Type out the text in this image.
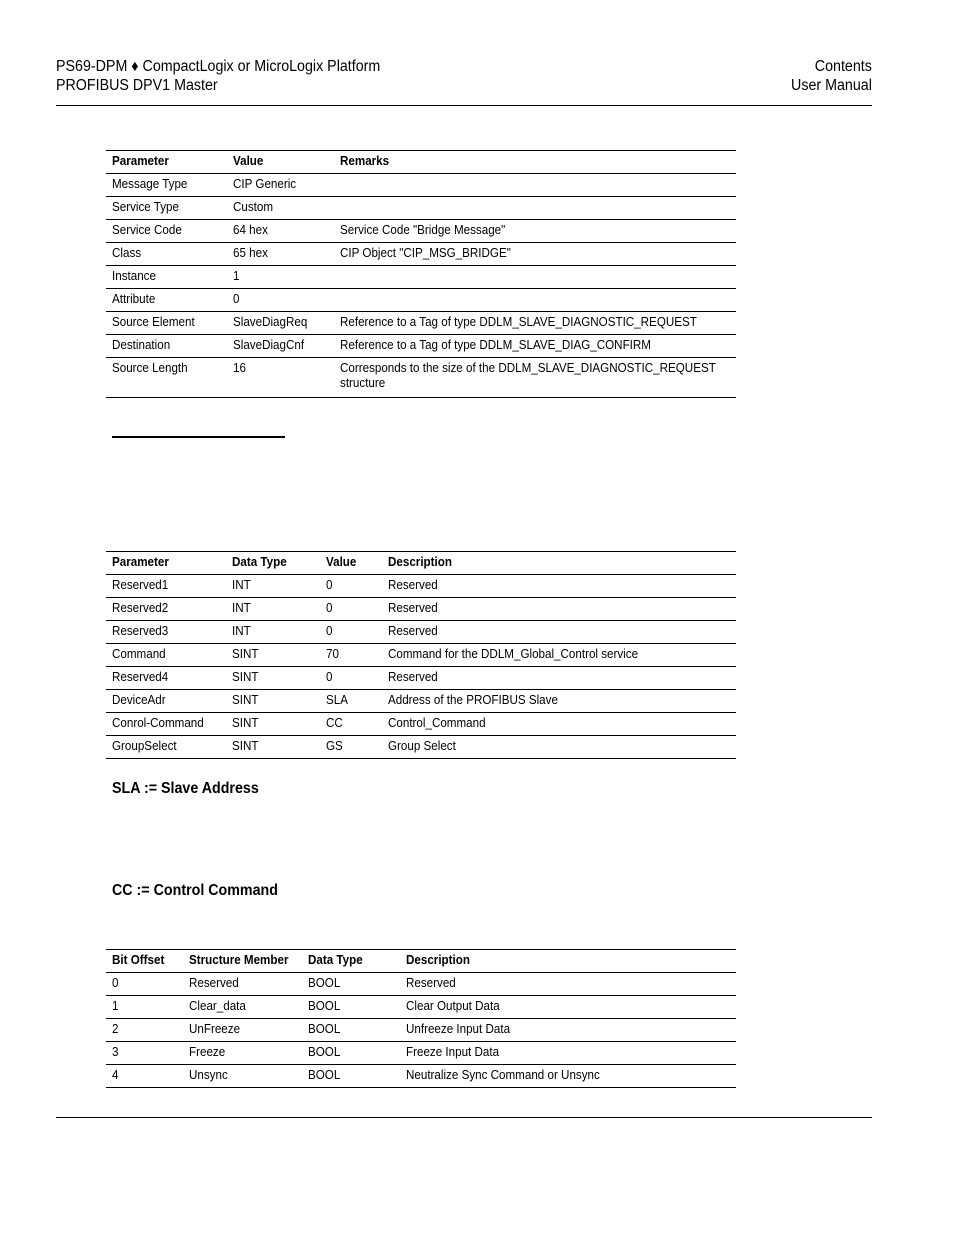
PS69-DPM ♦ CompactLogix or MicroLogix Platform
PROFIBUS DPV1 Master
Contents
User Manual
Parameter	Value	Remarks
Message Type	CIP Generic	
Service Type	Custom	
Service Code	64 hex	Service Code "Bridge Message"
Class	65 hex	CIP Object "CIP_MSG_BRIDGE"
Instance	1	
Attribute	0	
Source Element	SlaveDiagReq	Reference to a Tag of type DDLM_SLAVE_DIAGNOSTIC_REQUEST
Destination	SlaveDiagCnf	Reference to a Tag of type DDLM_SLAVE_DIAG_CONFIRM
Source Length	16	Corresponds to the size of the DDLM_SLAVE_DIAGNOSTIC_REQUEST structure
Parameter	Data Type	Value	Description
Reserved1	INT	0	Reserved
Reserved2	INT	0	Reserved
Reserved3	INT	0	Reserved
Command	SINT	70	Command for the DDLM_Global_Control service
Reserved4	SINT	0	Reserved
DeviceAdr	SINT	SLA	Address of the PROFIBUS Slave
Conrol-Command	SINT	CC	Control_Command
GroupSelect	SINT	GS	Group Select
SLA := Slave Address
CC := Control Command
Bit Offset	Structure Member	Data Type	Description
0	Reserved	BOOL	Reserved
1	Clear_data	BOOL	Clear Output Data
2	UnFreeze	BOOL	Unfreeze Input Data
3	Freeze	BOOL	Freeze Input Data
4	Unsync	BOOL	Neutralize Sync Command or Unsync
